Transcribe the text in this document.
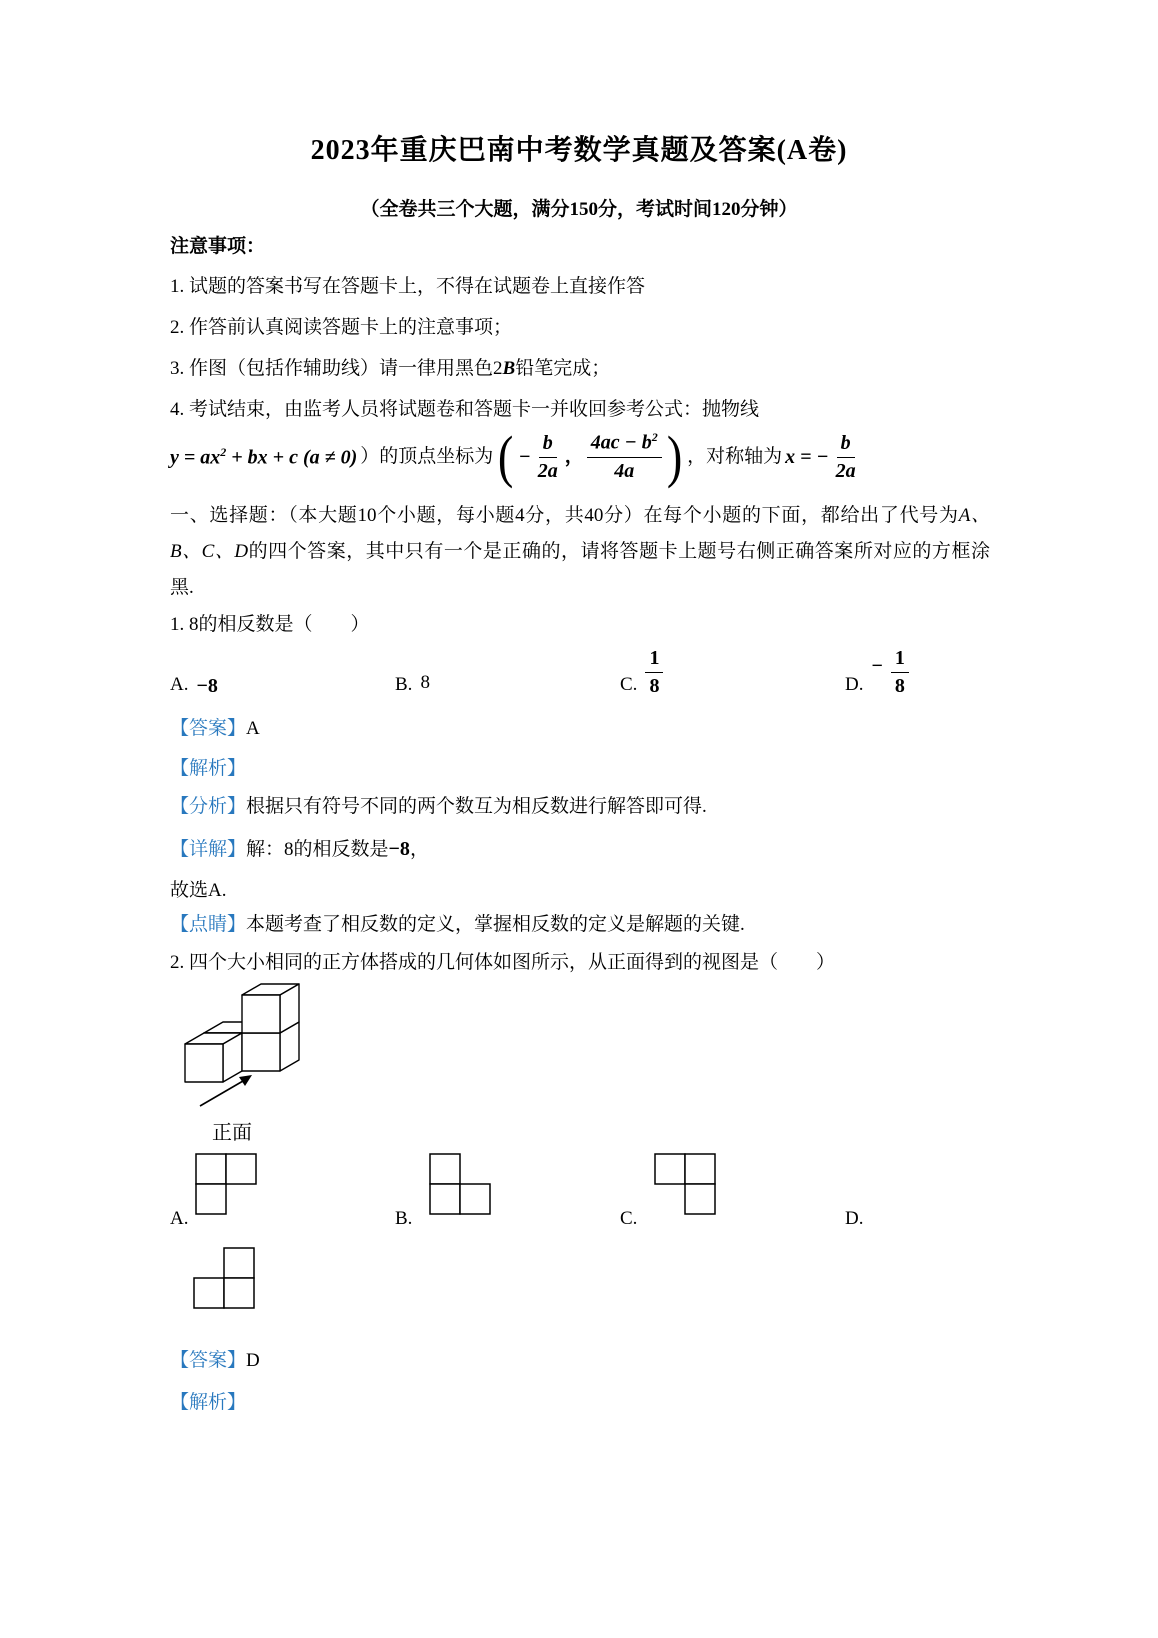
2023年重庆巴南中考数学真题及答案(A卷)
（全卷共三个大题，满分150分，考试时间120分钟）
注意事项：
1. 试题的答案书写在答题卡上，不得在试题卷上直接作答
2. 作答前认真阅读答题卡上的注意事项；
3. 作图（包括作辅助线）请一律用黑色2B铅笔完成；
4. 考试结束，由监考人员将试题卷和答题卡一并收回参考公式：抛物线
$y = ax^2$ + bx + c (a ≠ 0) ）的顶点坐标为 ( − $\frac{b}{2a}$ ， $\frac{4ac - b^2}{4a}$ ) ，对称轴为 x = − $\frac{b}{2a}$
一、选择题：（本大题10个小题，每小题4分，共40分）在每个小题的下面，都给出了代号为A、B、C、D的四个答案，其中只有一个是正确的，请将答题卡上题号右侧正确答案所对应的方框涂黑.
1. 8的相反数是（　　）
A. −8	B. 8	C. $\frac{1}{8}$	D.
− $\frac{1}{8}$
【答案】A
【解析】
【分析】根据只有符号不同的两个数互为相反数进行解答即可得.
【详解】解：8的相反数是−8，
故选A.
【点睛】本题考查了相反数的定义，掌握相反数的定义是解题的关键.
2. 四个大小相同的正方体搭成的几何体如图所示，从正面得到的视图是（　　）
正面
A.	B.	C.	D.
【答案】D
【解析】
